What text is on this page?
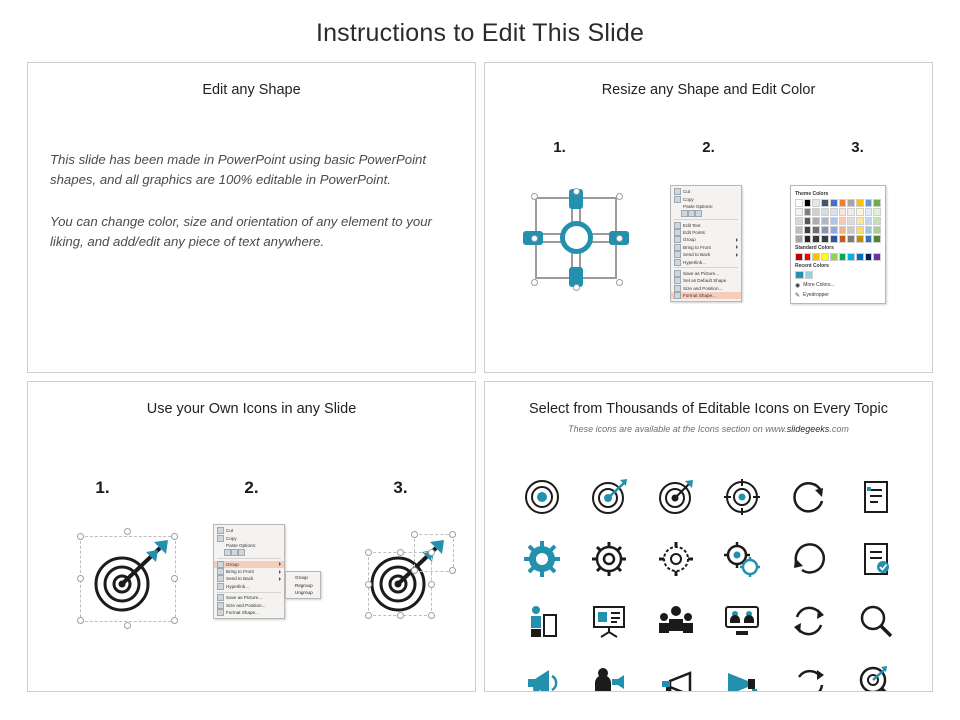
Instructions to Edit This Slide
Edit any Shape
This slide has been made in PowerPoint using basic PowerPoint shapes, and all graphics are 100% editable in PowerPoint.
You can change color, size and orientation of any element to your liking, and add/edit any piece of text anywhere.
Resize any Shape and Edit Color
1.	2.	3.
Cut
Copy
Paste Options:

Edit Text
Edit Points
Group
Bring to Front
Send to Back
Hyperlink...
Save as Picture...
Set as Default Shape
Size and Position...
Format Shape...
Theme Colors
Standard Colors
Recent Colors
◉ More Colors...
✎ Eyedropper
Use your Own Icons in any Slide
1.	2.	3.
Cut
Copy
Paste Options:

Group
Bring to Front
Send to Back
Hyperlink...
Save as Picture...
Size and Position...
Format Shape...
Group
Regroup
Ungroup
Select from Thousands of Editable Icons on Every Topic
These icons are available at the Icons section on www.slidegeeks.com
